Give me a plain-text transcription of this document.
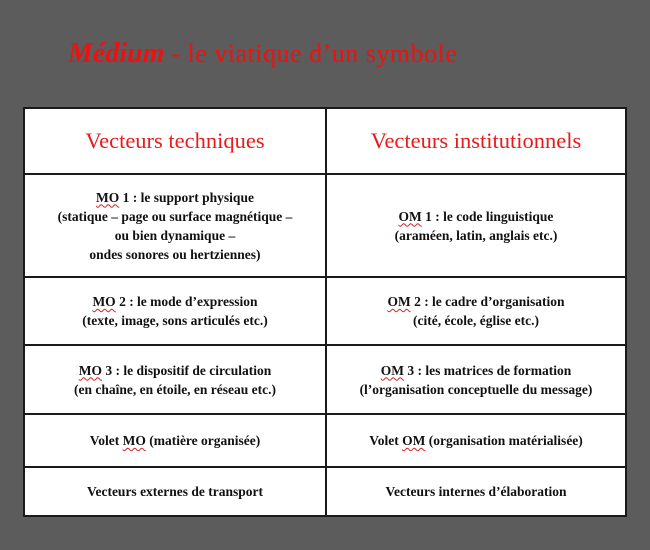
Médium - le viatique d’un symbole
Vecteurs techniques	Vecteurs institutionnels

MO 1 : le support physique
(statique – page ou surface magnétique –
ou bien dynamique –
ondes sonores ou hertziennes)	OM 1 : le code linguistique
(araméen, latin, anglais etc.)

MO 2 : le mode d’expression
(texte, image, sons articulés etc.)	OM 2 : le cadre d’organisation
(cité, école, église etc.)

MO 3 : le dispositif de circulation
(en chaîne, en étoile, en réseau etc.)	OM 3 : les matrices de formation
(l’organisation conceptuelle du message)

Volet MO (matière organisée)	Volet OM (organisation matérialisée)
Vecteurs externes de transport	Vecteurs internes d’élaboration
